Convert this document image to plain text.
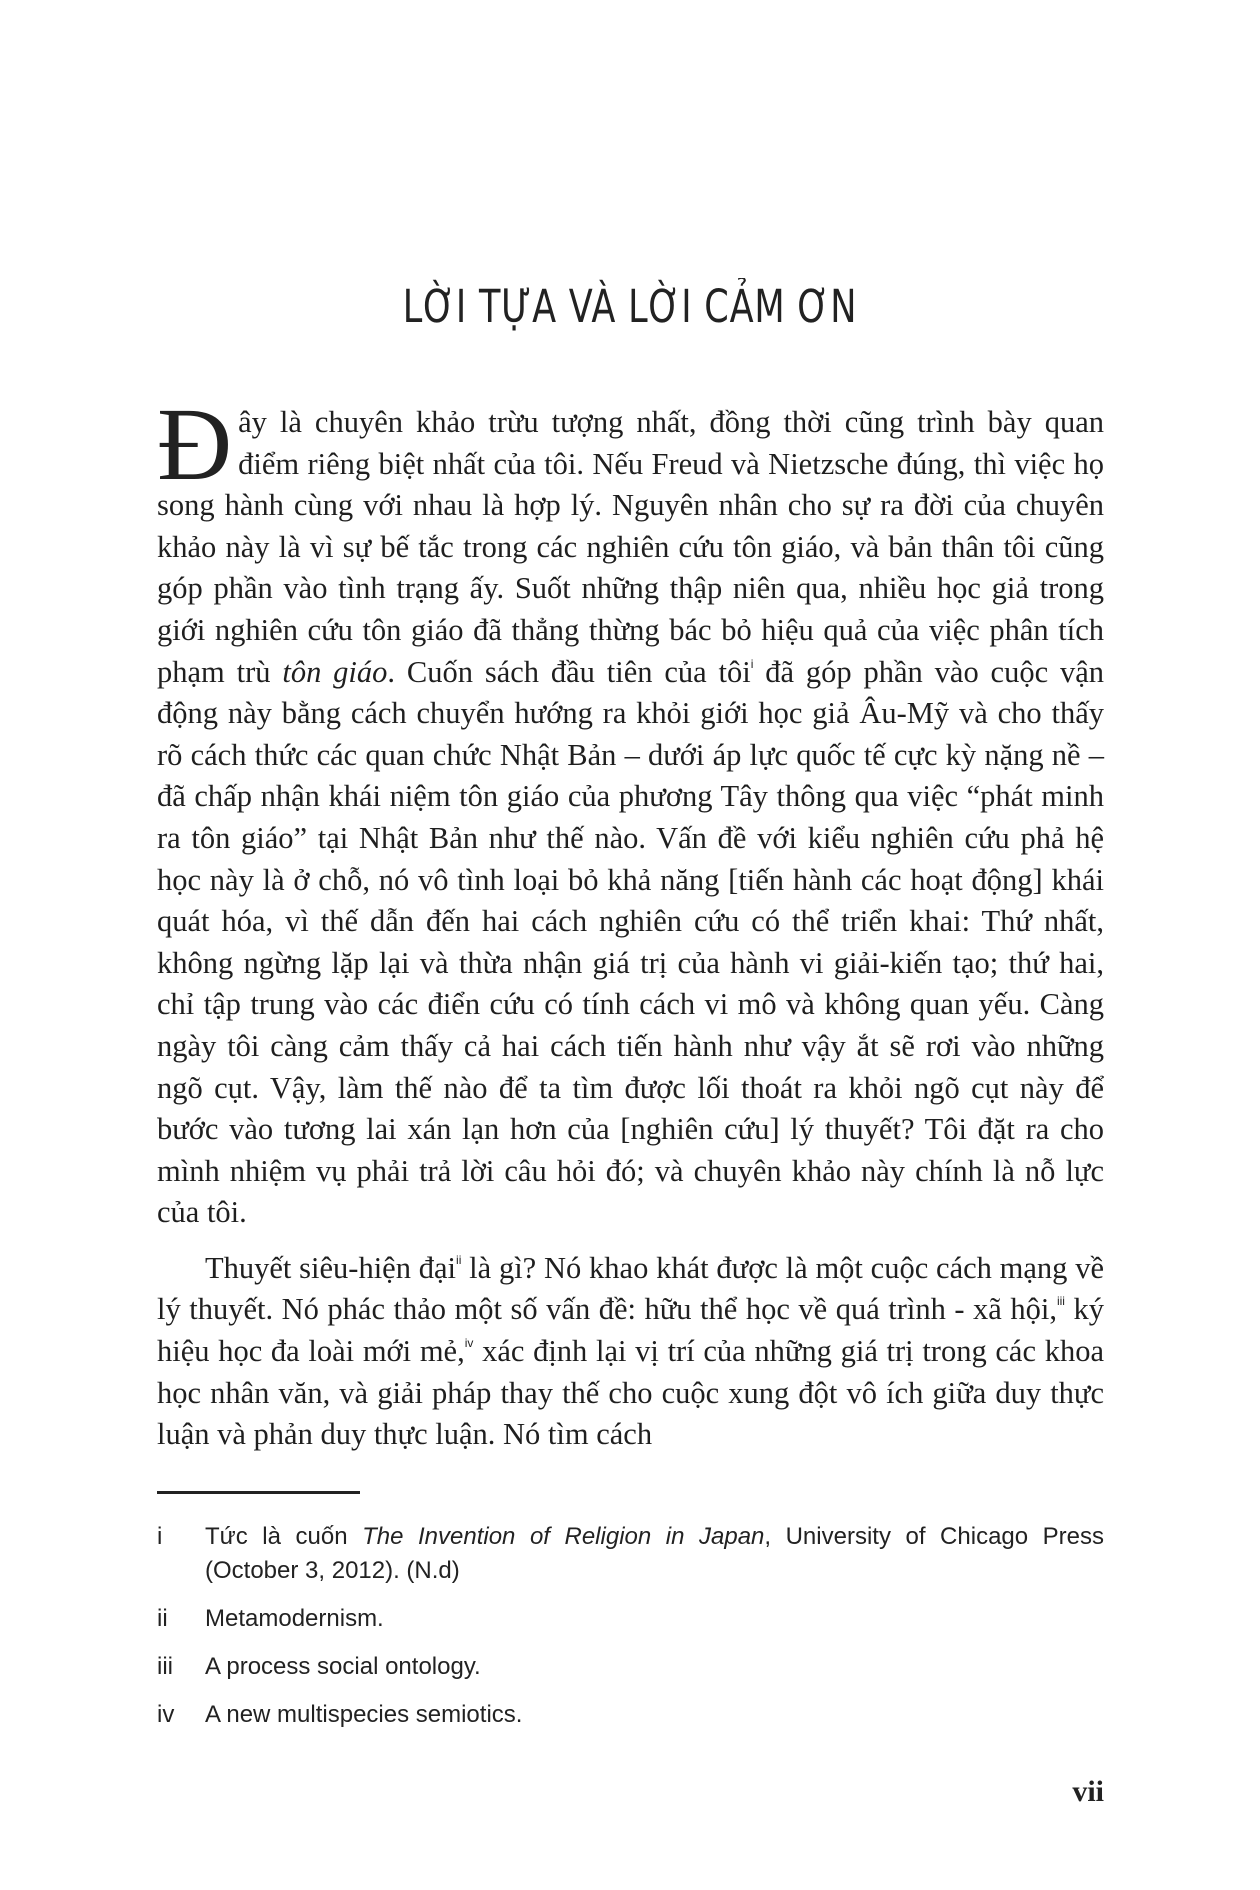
LỜI TỰA VÀ LỜI CẢM ƠN

Đây là chuyên khảo trừu tượng nhất, đồng thời cũng trình bày quan điểm riêng biệt nhất của tôi. Nếu Freud và Nietzsche đúng, thì việc họ song hành cùng với nhau là hợp lý. Nguyên nhân cho sự ra đời của chuyên khảo này là vì sự bế tắc trong các nghiên cứu tôn giáo, và bản thân tôi cũng góp phần vào tình trạng ấy. Suốt những thập niên qua, nhiều học giả trong giới nghiên cứu tôn giáo đã thẳng thừng bác bỏ hiệu quả của việc phân tích phạm trù tôn giáo. Cuốn sách đầu tiên của tôi$^i$ đã góp phần vào cuộc vận động này bằng cách chuyển hướng ra khỏi giới học giả Âu-Mỹ và cho thấy rõ cách thức các quan chức Nhật Bản – dưới áp lực quốc tế cực kỳ nặng nề – đã chấp nhận khái niệm tôn giáo của phương Tây thông qua việc “phát minh ra tôn giáo” tại Nhật Bản như thế nào. Vấn đề với kiểu nghiên cứu phả hệ học này là ở chỗ, nó vô tình loại bỏ khả năng [tiến hành các hoạt động] khái quát hóa, vì thế dẫn đến hai cách nghiên cứu có thể triển khai: Thứ nhất, không ngừng lặp lại và thừa nhận giá trị của hành vi giải-kiến tạo; thứ hai, chỉ tập trung vào các điển cứu có tính cách vi mô và không quan yếu. Càng ngày tôi càng cảm thấy cả hai cách tiến hành như vậy ắt sẽ rơi vào những ngõ cụt. Vậy, làm thế nào để ta tìm được lối thoát ra khỏi ngõ cụt này để bước vào tương lai xán lạn hơn của [nghiên cứu] lý thuyết? Tôi đặt ra cho mình nhiệm vụ phải trả lời câu hỏi đó; và chuyên khảo này chính là nỗ lực của tôi.

Thuyết siêu-hiện đại$^{ii}$ là gì? Nó khao khát được là một cuộc cách mạng về lý thuyết. Nó phác thảo một số vấn đề: hữu thể học về quá trình - xã hội,$^{iii}$ ký hiệu học đa loài mới mẻ,$^{iv}$ xác định lại vị trí của những giá trị trong các khoa học nhân văn, và giải pháp thay thế cho cuộc xung đột vô ích giữa duy thực luận và phản duy thực luận. Nó tìm cách

i	Tức là cuốn The Invention of Religion in Japan, University of Chicago Press (October 3, 2012). (N.d)
ii	Metamodernism.
iii	A process social ontology.
iv	A new multispecies semiotics.
vii
